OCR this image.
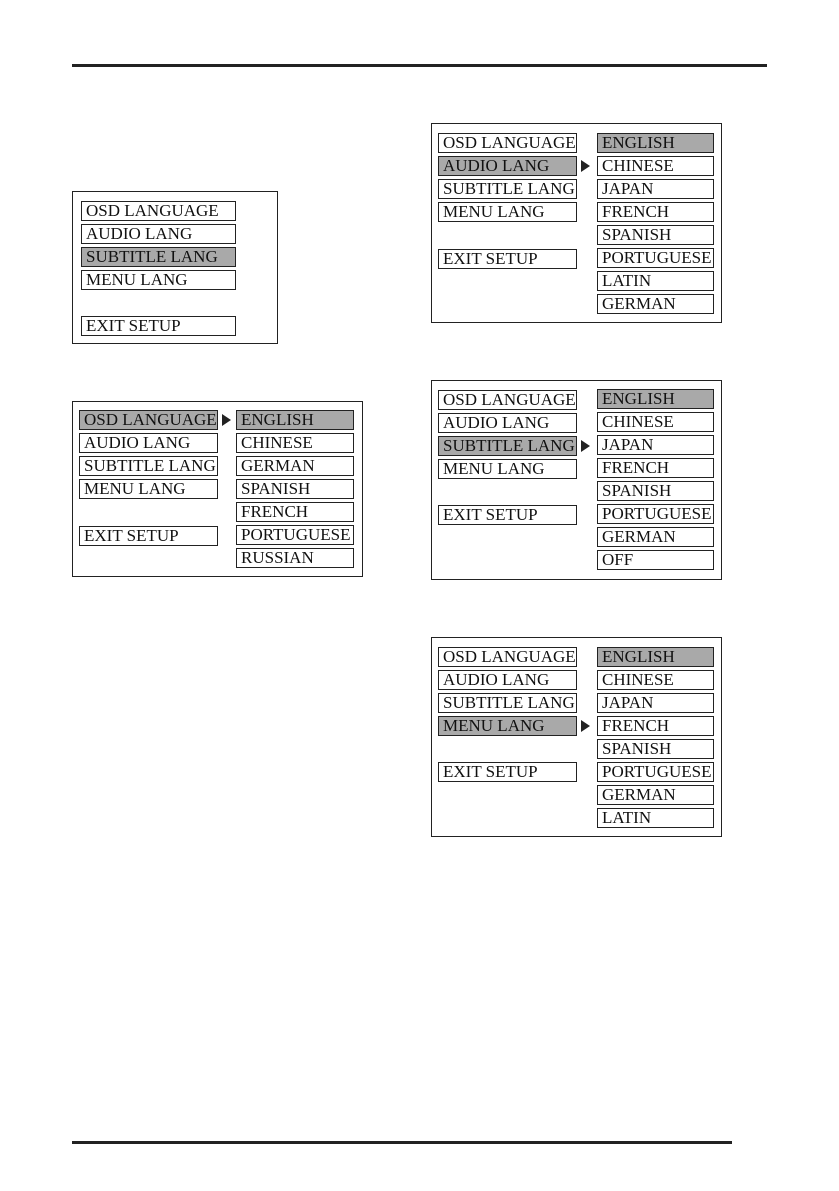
OSD LANGUAGE
AUDIO LANG
SUBTITLE LANG
MENU LANG
EXIT SETUP
OSD LANGUAGE
AUDIO LANG
SUBTITLE LANG
MENU LANG
EXIT SETUP
ENGLISH
CHINESE
GERMAN
SPANISH
FRENCH
PORTUGUESE
RUSSIAN
OSD LANGUAGE
AUDIO LANG
SUBTITLE LANG
MENU LANG
EXIT SETUP
ENGLISH
CHINESE
JAPAN
FRENCH
SPANISH
PORTUGUESE
LATIN
GERMAN
OSD LANGUAGE
AUDIO LANG
SUBTITLE LANG
MENU LANG
EXIT SETUP
ENGLISH
CHINESE
JAPAN
FRENCH
SPANISH
PORTUGUESE
GERMAN
OFF
OSD LANGUAGE
AUDIO LANG
SUBTITLE LANG
MENU LANG
EXIT SETUP
ENGLISH
CHINESE
JAPAN
FRENCH
SPANISH
PORTUGUESE
GERMAN
LATIN
